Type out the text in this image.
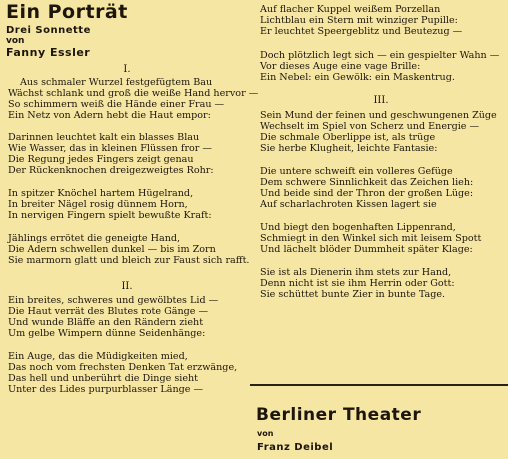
Ein Porträt
Drei Sonnette
von
Fanny Essler
I.
Aus schmaler Wurzel festgefügtem Bau
Wächst schlank und groß die weiße Hand hervor —
So schimmern weiß die Hände einer Frau —
Ein Netz von Adern hebt die Haut empor:
Darinnen leuchtet kalt ein blasses Blau
Wie Wasser, das in kleinen Flüssen fror —
Die Regung jedes Fingers zeigt genau
Der Rückenknochen dreigezweigtes Rohr:
In spitzer Knöchel hartem Hügelrand,
In breiter Nägel rosig dünnem Horn,
In nervigen Fingern spielt bewußte Kraft:
Jählings errötet die geneigte Hand,
Die Adern schwellen dunkel — bis im Zorn
Sie marmorn glatt und bleich zur Faust sich rafft.
II.
Ein breites, schweres und gewölbtes Lid —
Die Haut verrät des Blutes rote Gänge —
Und wunde Bläffe an den Rändern zieht
Um gelbe Wimpern dünne Seidenhänge:
Ein Auge, das die Müdigkeiten mied,
Das noch vom frechsten Denken Tat erzwänge,
Das hell und unberührt die Dinge sieht
Unter des Lides purpurblasser Länge —
Auf flacher Kuppel weißem Porzellan
Lichtblau ein Stern mit winziger Pupille:
Er leuchtet Speergeblitz und Beutezug —
Doch plötzlich legt sich — ein gespielter Wahn —
Vor dieses Auge eine vage Brille:
Ein Nebel: ein Gewölk: ein Maskentrug.
III.
Sein Mund der feinen und geschwungenen Züge
Wechselt im Spiel von Scherz und Energie —
Die schmale Oberlippe ist, als trüge
Sie herbe Klugheit, leichte Fantasie:
Die untere schweift ein volleres Gefüge
Dem schwere Sinnlichkeit das Zeichen lieh:
Und beide sind der Thron der großen Lüge:
Auf scharlachroten Kissen lagert sie
Und biegt den bogenhaften Lippenrand,
Schmiegt in den Winkel sich mit leisem Spott
Und lächelt blöder Dummheit später Klage:
Sie ist als Dienerin ihm stets zur Hand,
Denn nicht ist sie ihm Herrin oder Gott:
Sie schüttet bunte Zier in bunte Tage.
Berliner Theater
von
Franz Deibel
